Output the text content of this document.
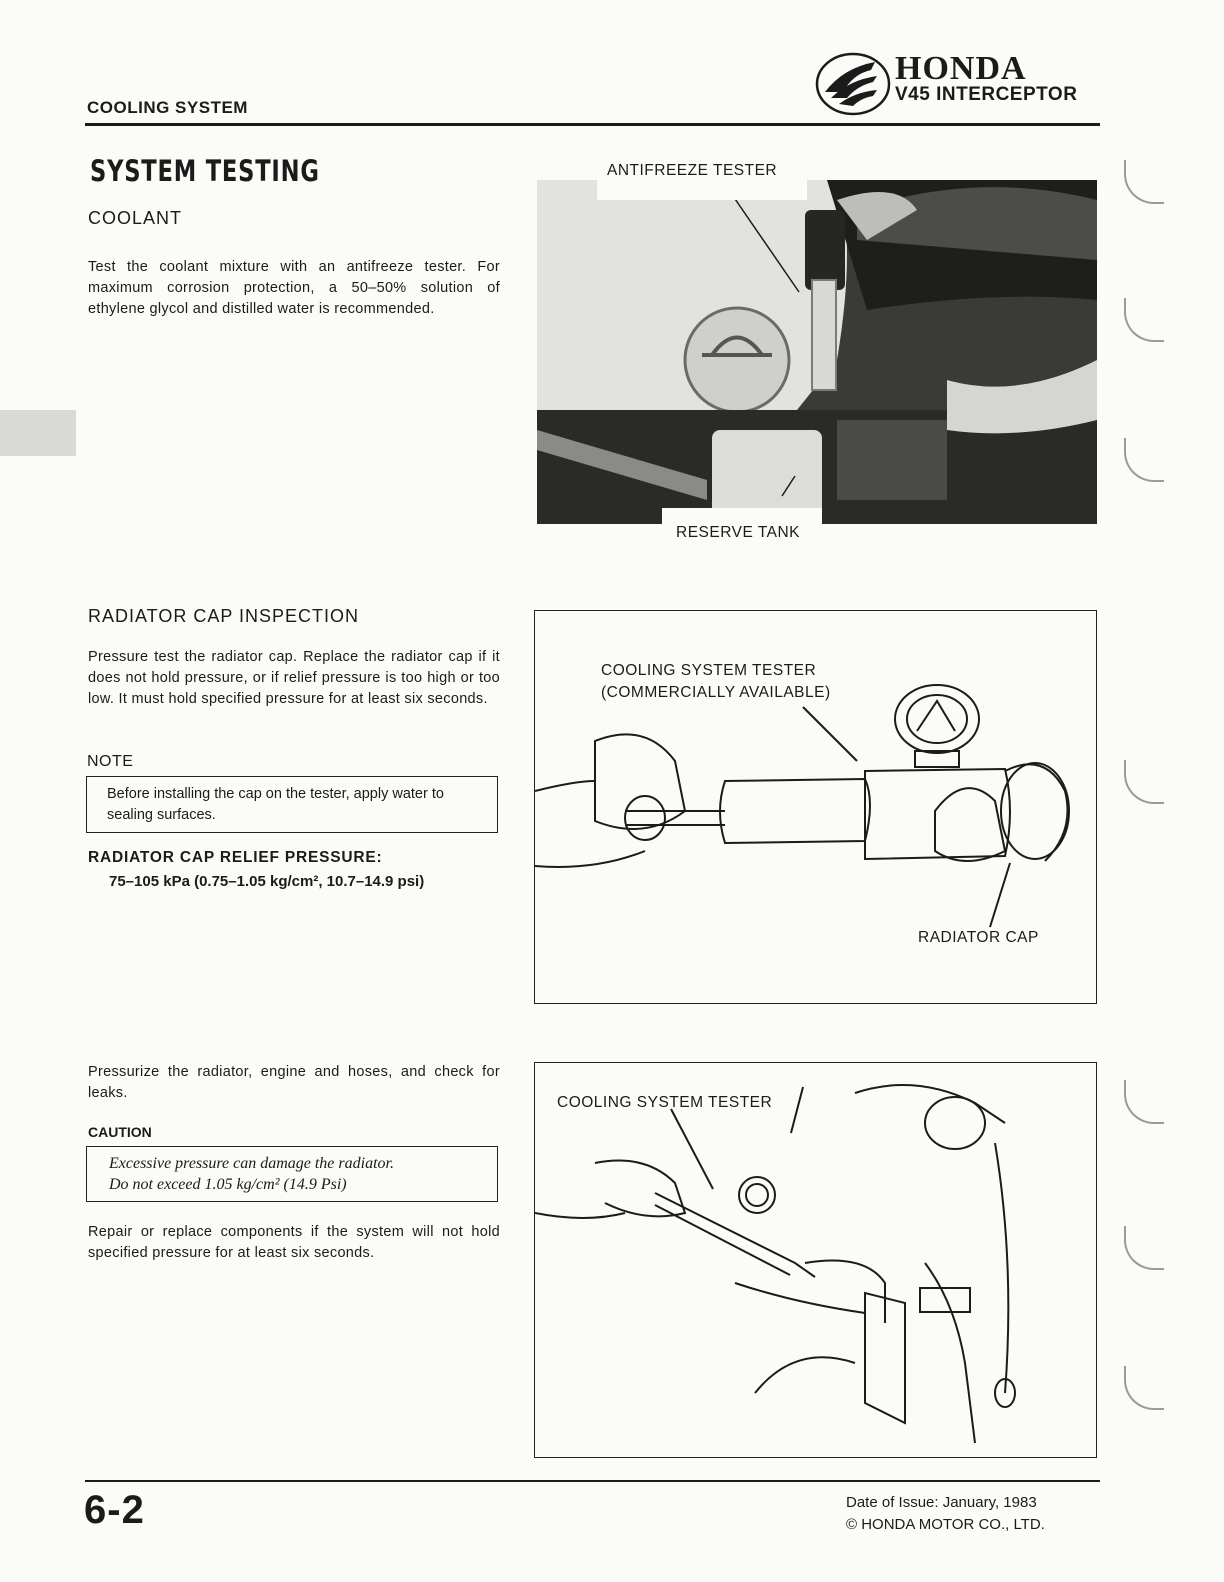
COOLING SYSTEM
HONDA
V45 INTERCEPTOR
SYSTEM TESTING
COOLANT
Test the coolant mixture with an antifreeze tester. For maximum corrosion protection, a 50–50% solution of ethylene glycol and distilled water is recommended.
RADIATOR CAP INSPECTION
Pressure test the radiator cap. Replace the radiator cap if it does not hold pressure, or if relief pressure is too high or too low. It must hold specified pressure for at least six seconds.
NOTE
Before installing the cap on the tester, apply water to sealing surfaces.
RADIATOR CAP RELIEF PRESSURE:
75–105 kPa (0.75–1.05 kg/cm², 10.7–14.9 psi)
Pressurize the radiator, engine and hoses, and check for leaks.
CAUTION
Excessive pressure can damage the radiator.
Do not exceed 1.05 kg/cm² (14.9 Psi)
Repair or replace components if the system will not hold specified pressure for at least six seconds.
ANTIFREEZE TESTER
RESERVE TANK
COOLING SYSTEM TESTER
(COMMERCIALLY AVAILABLE)
RADIATOR CAP
COOLING SYSTEM TESTER
6-2	Date of Issue: January, 1983
© HONDA MOTOR CO., LTD.
